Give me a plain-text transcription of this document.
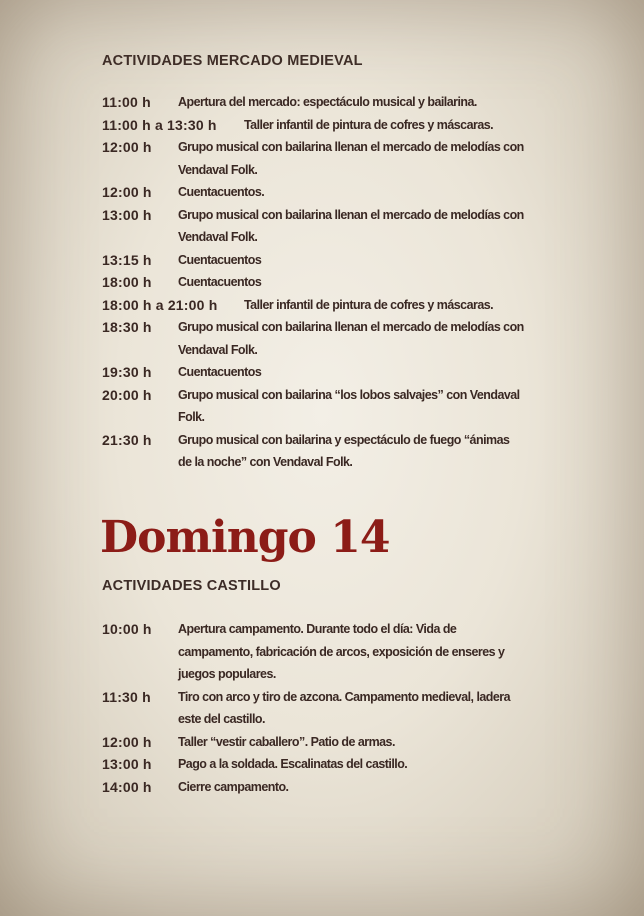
ACTIVIDADES MERCADO MEDIEVAL
11:00 h Apertura del mercado: espectáculo musical y bailarina.
11:00 h a 13:30 h Taller infantil de pintura de cofres y máscaras.
12:00 h Grupo musical con bailarina llenan el mercado de melodías con Vendaval Folk.
12:00 h Cuentacuentos.
13:00 h Grupo musical con bailarina llenan el mercado de melodías con Vendaval Folk.
13:15 h Cuentacuentos
18:00 h Cuentacuentos
18:00 h a 21:00 h Taller infantil de pintura de cofres y máscaras.
18:30 h Grupo musical con bailarina llenan el mercado de melodías con Vendaval Folk.
19:30 h Cuentacuentos
20:00 h Grupo musical con bailarina “los lobos salvajes” con Vendaval Folk.
21:30 h Grupo musical con bailarina y espectáculo de fuego “ánimas de la noche” con Vendaval Folk.
Domingo 14
ACTIVIDADES CASTILLO
10:00 h Apertura campamento. Durante todo el día: Vida de campamento, fabricación de arcos, exposición de enseres y juegos populares.
11:30 h Tiro con arco y tiro de azcona. Campamento medieval, ladera este del castillo.
12:00 h Taller “vestir caballero”. Patio de armas.
13:00 h Pago a la soldada. Escalinatas del castillo.
14:00 h Cierre campamento.
